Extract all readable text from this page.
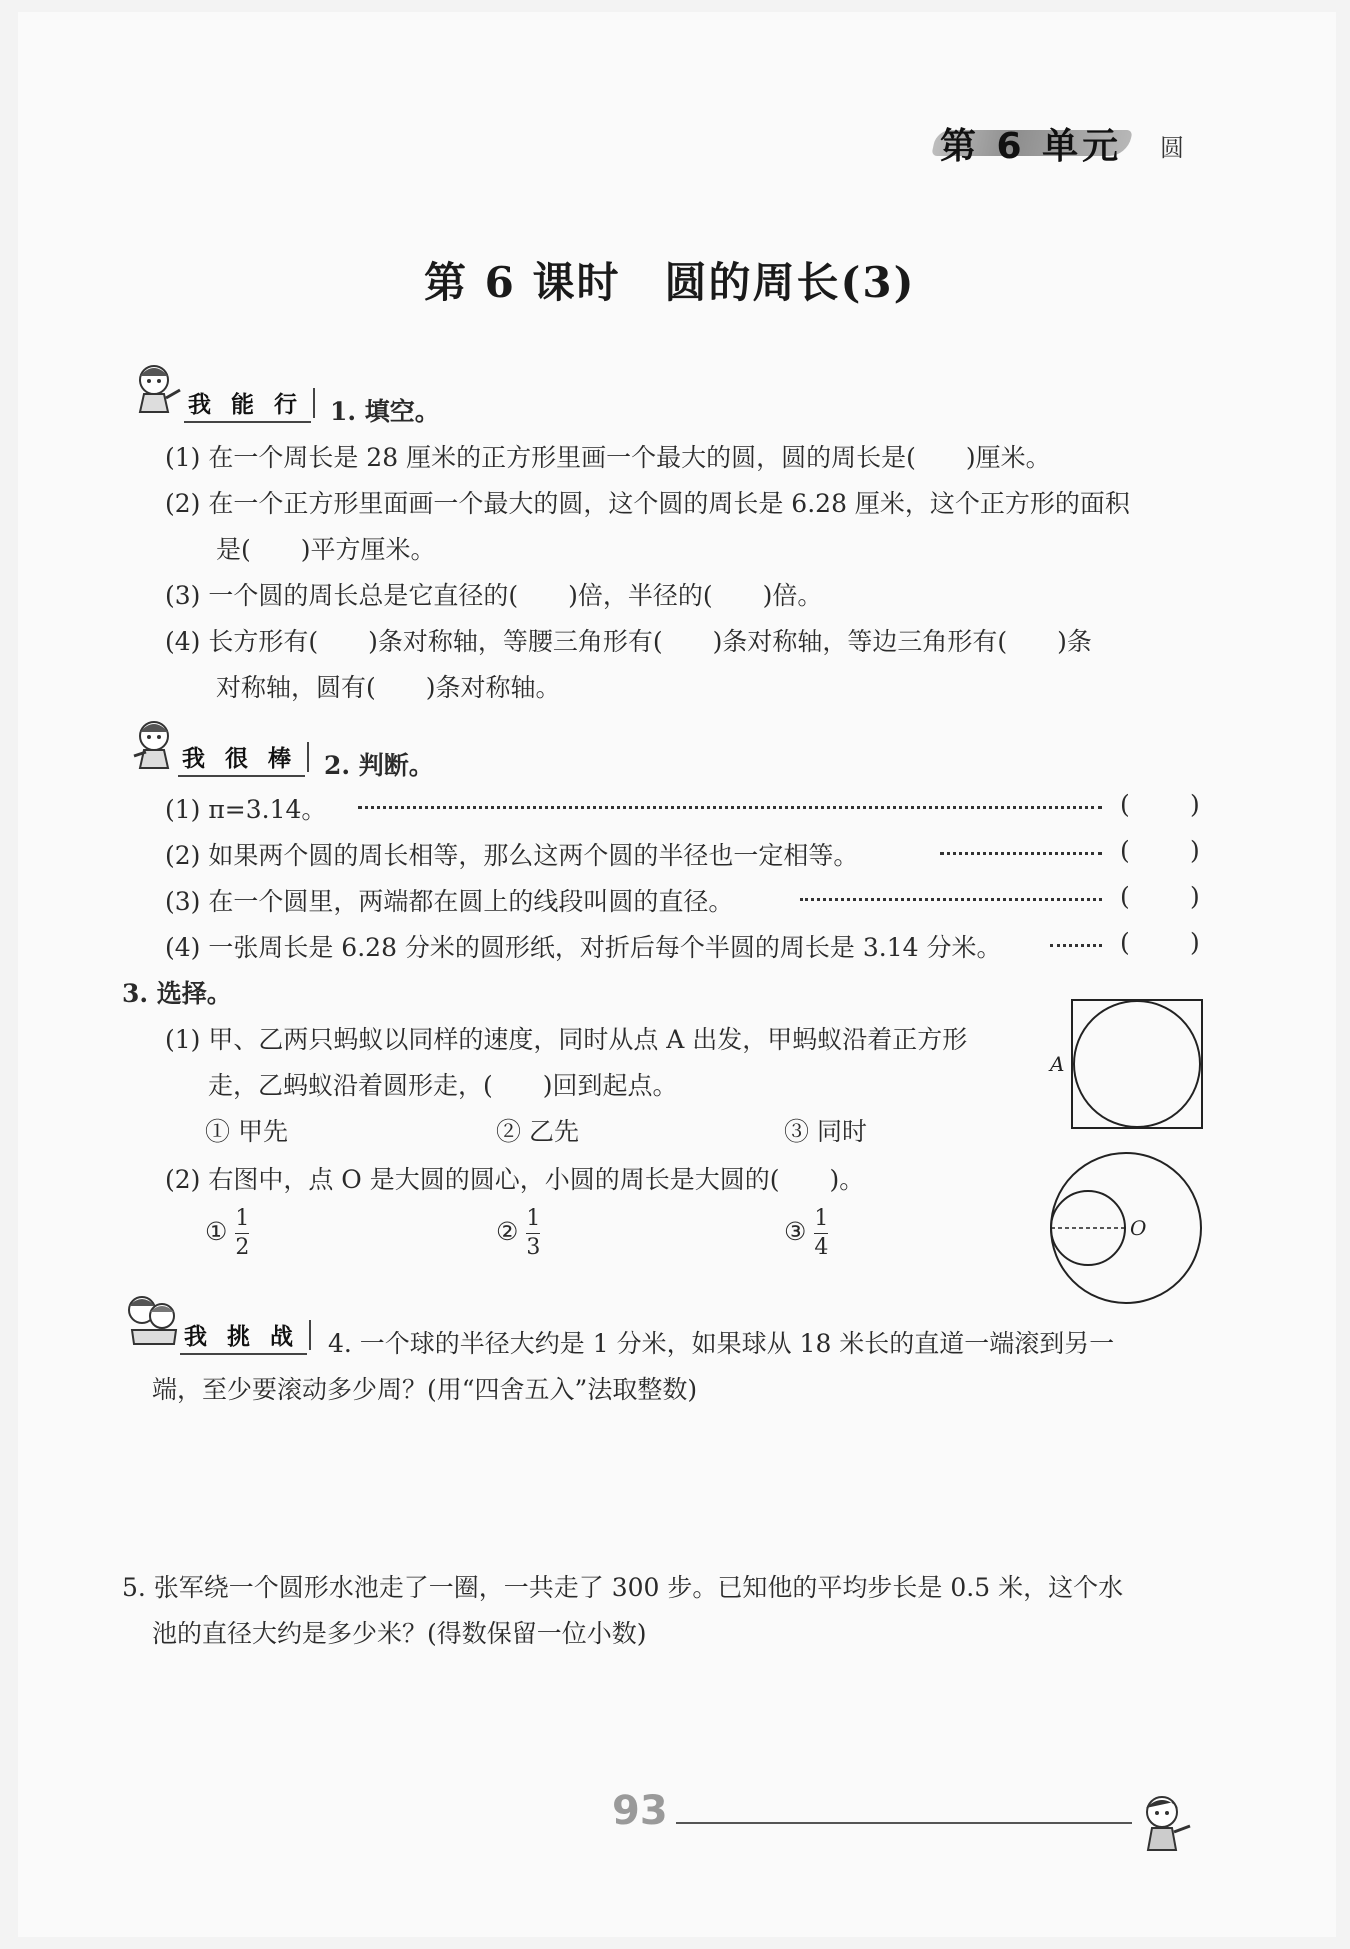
第 6 单元 圆
第 6 课时　圆的周长(3)
我 能 行	1. 填空。
(1) 在一个周长是 28 厘米的正方形里画一个最大的圆，圆的周长是(　　)厘米。
(2) 在一个正方形里面画一个最大的圆，这个圆的周长是 6.28 厘米，这个正方形的面积
是(　　)平方厘米。
(3) 一个圆的周长总是它直径的(　　)倍，半径的(　　)倍。
(4) 长方形有(　　)条对称轴，等腰三角形有(　　)条对称轴，等边三角形有(　　)条
对称轴，圆有(　　)条对称轴。
我 很 棒	2. 判断。
(1) π=3.14。	( )
(2) 如果两个圆的周长相等，那么这两个圆的半径也一定相等。	( )
(3) 在一个圆里，两端都在圆上的线段叫圆的直径。	( )
(4) 一张周长是 6.28 分米的圆形纸，对折后每个半圆的周长是 3.14 分米。	( )
3. 选择。
(1) 甲、乙两只蚂蚁以同样的速度，同时从点 A 出发，甲蚂蚁沿着正方形
走，乙蚂蚁沿着圆形走，(　　)回到起点。
① 甲先	② 乙先	③ 同时
A
(2) 右图中，点 O 是大圆的圆心，小圆的周长是大圆的(　　)。
① $\frac{1}{2}$	② $\frac{1}{3}$	③ $\frac{1}{4}$	O
我 挑 战	4. 一个球的半径大约是 1 分米，如果球从 18 米长的直道一端滚到另一
端，至少要滚动多少周？(用“四舍五入”法取整数)
5. 张军绕一个圆形水池走了一圈，一共走了 300 步。已知他的平均步长是 0.5 米，这个水
池的直径大约是多少米？(得数保留一位小数)
93
